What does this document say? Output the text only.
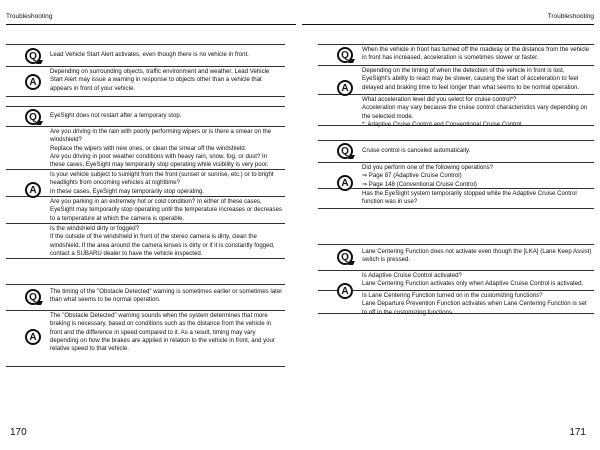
Troubleshooting
Q	Lead Vehicle Start Alert activates, even though there is no vehicle in front.
A
Depending on surrounding objects, traffic environment and weather, Lead Vehicle Start Alert may issue a warning in response to objects other than a vehicle that appears in front of your vehicle.
Q	EyeSight does not restart after a temporary stop.
Are you driving in the rain with poorly performing wipers or is there a smear on the windshield?
Replace the wipers with new ones, or clean the smear off the windshield.
Are you driving in poor weather conditions with heavy rain, snow, fog, or dust? In these cases, EyeSight may temporarily stop operating while visibility is very poor.
A
Is your vehicle subject to sunlight from the front (sunset or sunrise, etc.) or to bright headlights from oncoming vehicles at nighttime?
In these cases, EyeSight may temporarily stop operating.
Are you parking in an extremely hot or cold condition? In either of these cases, EyeSight may temporarily stop operating until the temperature increases or decreases to a temperature at which the camera is operable.
Is the windshield dirty or fogged?
If the outside of the windshield in front of the stereo camera is dirty, clean the windshield. If the area around the camera lenses is dirty or if it is constantly fogged, contact a SUBARU dealer to have the vehicle inspected.
Q	The timing of the "Obstacle Detected" warning is sometimes earlier or sometimes later than what seems to be normal operation.
A
The "Obstacle Detected" warning sounds when the system determines that more braking is necessary, based on conditions such as the distance from the vehicle in front and the difference in speed compared to it. As a result, timing may vary depending on how the brakes are applied in relation to the vehicle in front, and your relative speed to that vehicle.
170
Troubleshooting
Q	When the vehicle in front has turned off the roadway or the distance from the vehicle in front has increased, acceleration is sometimes slower or faster.
A
Depending on the timing of when the detection of the vehicle in front is lost, EyeSight's ability to react may be slower, causing the start of acceleration to feel delayed and braking time to feel longer than what seems to be normal operation.
What acceleration level did you select for cruise control*?
Acceleration may vary because the cruise control characteristics vary depending on the selected mode.
*: Adaptive Cruise Control and Conventional Cruise Control
Q	Cruise control is canceled automatically.
A
Did you perform one of the following operations?
⇒ Page 87 (Adaptive Cruise Control)
⇒ Page 148 (Conventional Cruise Control)
Has the EyeSight system temporarily stopped while the Adaptive Cruise Control function was in use?
Q	Lane Centering Function does not activate even though the [LKA] (Lane Keep Assist) switch is pressed.
Is Adaptive Cruise Control activated?
Lane Centering Function activates only when Adaptive Cruise Control is activated.
A	Is Lane Centering Function turned on in the customizing functions?
Lane Departure Prevention Function activates when Lane Centering Function is set to off in the customizing functions.
171
